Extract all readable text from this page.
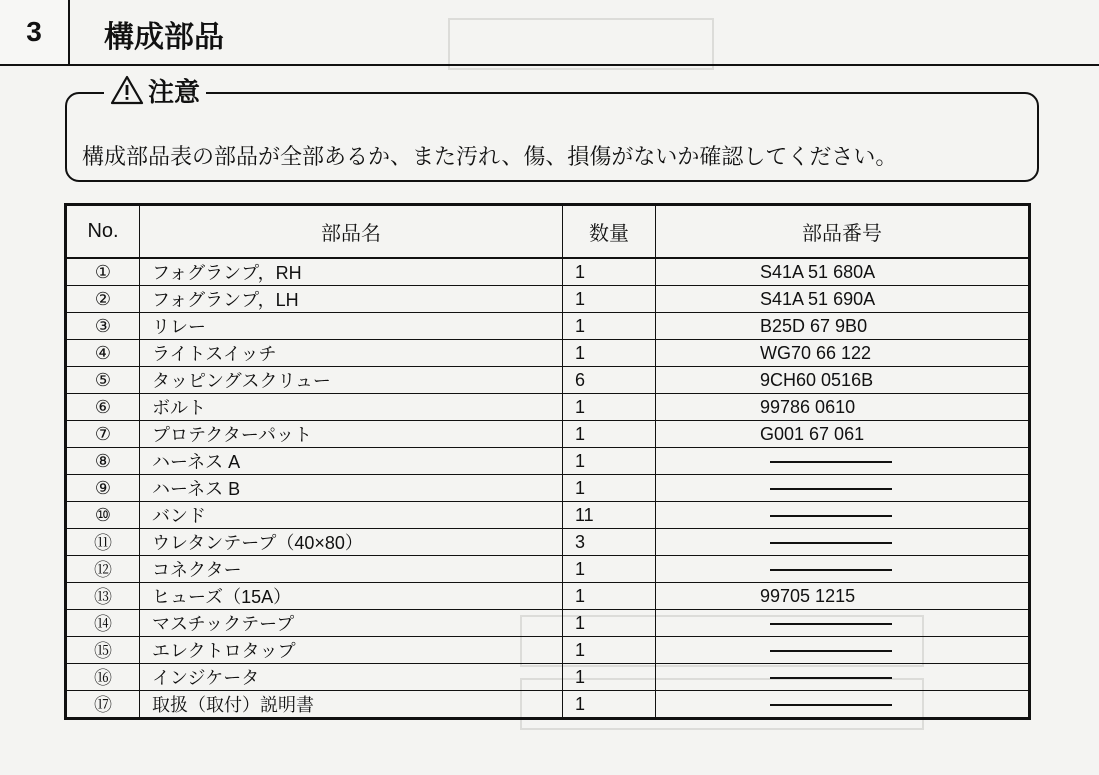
3	構成部品
注意
構成部品表の部品が全部あるか、また汚れ、傷、損傷がないか確認してください。
No.	部品名	数量	部品番号
①	フォグランプ，RH	1	S41A 51 680A
②	フォグランプ，LH	1	S41A 51 690A
③	リレー	1	B25D 67 9B0
④	ライトスイッチ	1	WG70 66 122
⑤	タッピングスクリュー	6	9CH60 0516B
⑥	ボルト	1	99786 0610
⑦	プロテクターパット	1	G001 67 061
⑧	ハーネス A	1	
⑨	ハーネス B	1	
⑩	バンド	11	
⑪	ウレタンテープ（40×80）	3	
⑫	コネクター	1	
⑬	ヒューズ（15A）	1	99705 1215
⑭	マスチックテープ	1	
⑮	エレクトロタップ	1	
⑯	インジケータ	1	
⑰	取扱（取付）説明書	1	
